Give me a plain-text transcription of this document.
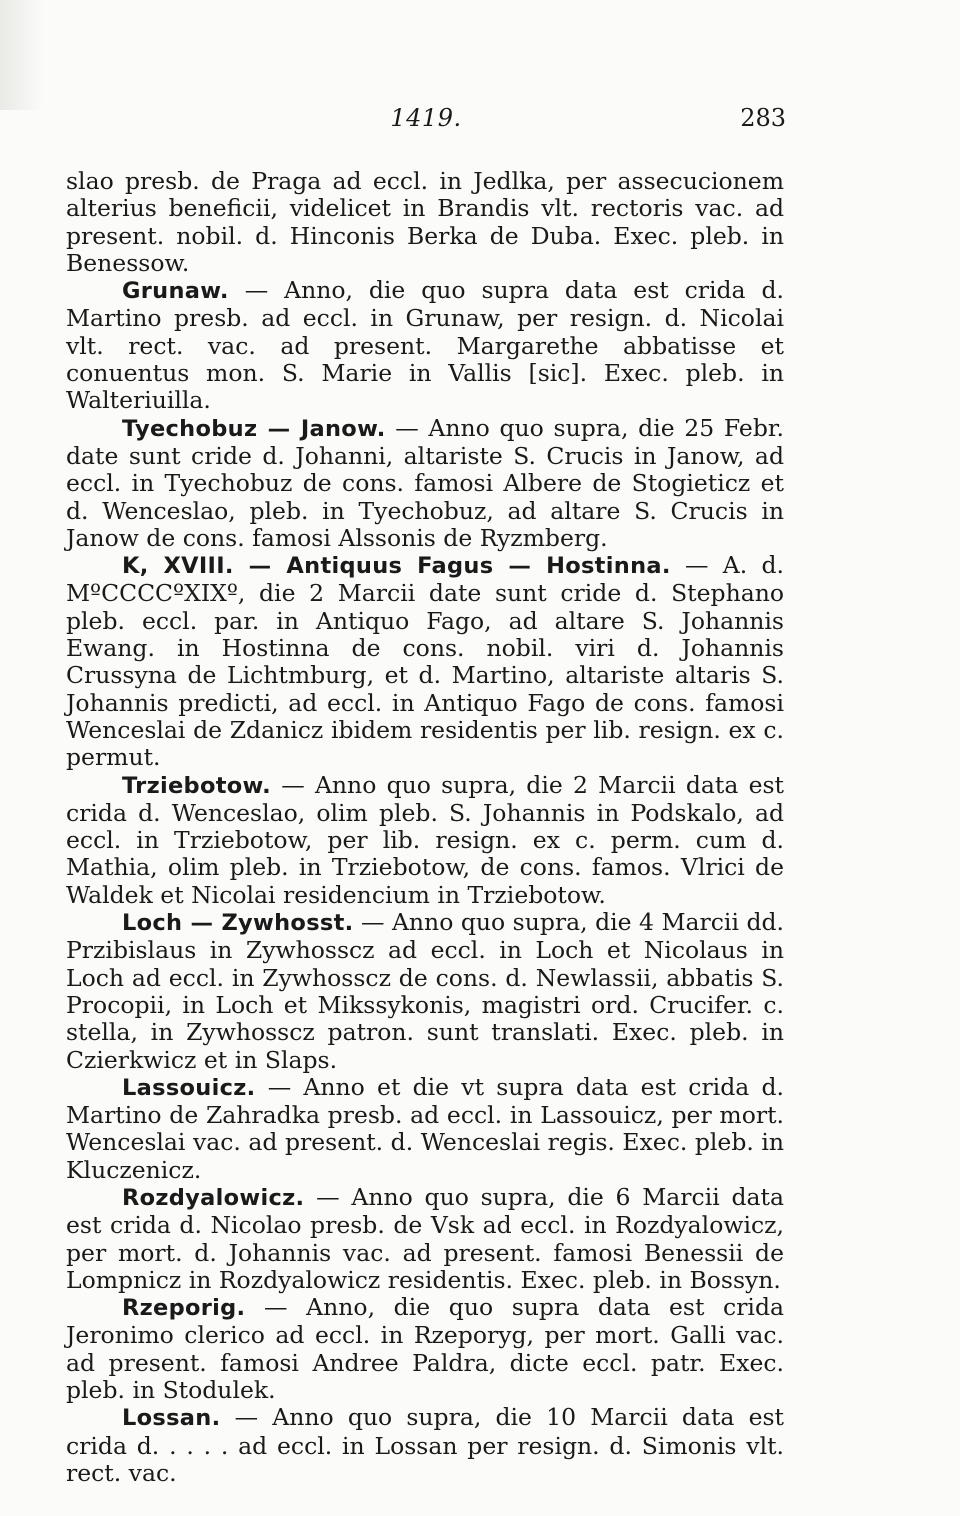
1419.	283

slao presb. de Praga ad eccl. in Jedlka, per assecucionem alterius beneficii, videlicet in Brandis vlt. rectoris vac. ad present. nobil. d. Hinconis Berka de Duba. Exec. pleb. in Benessow.

Grunaw. — Anno, die quo supra data est crida d. Martino presb. ad eccl. in Grunaw, per resign. d. Nicolai vlt. rect. vac. ad present. Margarethe abbatisse et conuentus mon. S. Marie in Vallis [sic]. Exec. pleb. in Walteriuilla.

Tyechobuz — Janow. — Anno quo supra, die 25 Febr. date sunt cride d. Johanni, altariste S. Crucis in Janow, ad eccl. in Tyechobuz de cons. famosi Albere de Stogieticz et d. Wenceslao, pleb. in Tyechobuz, ad altare S. Crucis in Janow de cons. famosi Alssonis de Ryzmberg.

K, XVIII. — Antiquus Fagus — Hostinna. — A. d. MºCCCCºXIXº, die 2 Marcii date sunt cride d. Stephano pleb. eccl. par. in Antiquo Fago, ad altare S. Johannis Ewang. in Hostinna de cons. nobil. viri d. Johannis Crussyna de Lichtmburg, et d. Martino, altariste altaris S. Johannis predicti, ad eccl. in Antiquo Fago de cons. famosi Wenceslai de Zdanicz ibidem residentis per lib. resign. ex c. permut.

Trziebotow. — Anno quo supra, die 2 Marcii data est crida d. Wenceslao, olim pleb. S. Johannis in Podskalo, ad eccl. in Trziebotow, per lib. resign. ex c. perm. cum d. Mathia, olim pleb. in Trziebotow, de cons. famos. Vlrici de Waldek et Nicolai residencium in Trziebotow.

Loch — Zywhosst. — Anno quo supra, die 4 Marcii dd. Przibislaus in Zywhossсz ad eccl. in Loch et Nicolaus in Loch ad eccl. in Zywhosscz de cons. d. Newlassii, abbatis S. Procopii, in Loch et Mikssykonis, magistri ord. Crucifer. c. stella, in Zywhosscz patron. sunt translati. Exec. pleb. in Czierkwicz et in Slaps.

Lassouicz. — Anno et die vt supra data est crida d. Martino de Zahradka presb. ad eccl. in Lassouicz, per mort. Wenceslai vac. ad present. d. Wenceslai regis. Exec. pleb. in Kluczenicz.

Rozdyalowicz. — Anno quo supra, die 6 Marcii data est crida d. Nicolao presb. de Vsk ad eccl. in Rozdyalowicz, per mort. d. Johannis vac. ad present. famosi Benessii de Lompnicz in Rozdyalowicz residentis. Exec. pleb. in Bossyn.

Rzeporig. — Anno, die quo supra data est crida Jeronimo clerico ad eccl. in Rzeporyg, per mort. Galli vac. ad present. famosi Andree Paldra, dicte eccl. patr. Exec. pleb. in Stodulek.

Lossan. — Anno quo supra, die 10 Marcii data est crida d. . . . . ad eccl. in Lossan per resign. d. Simonis vlt. rect. vac.
